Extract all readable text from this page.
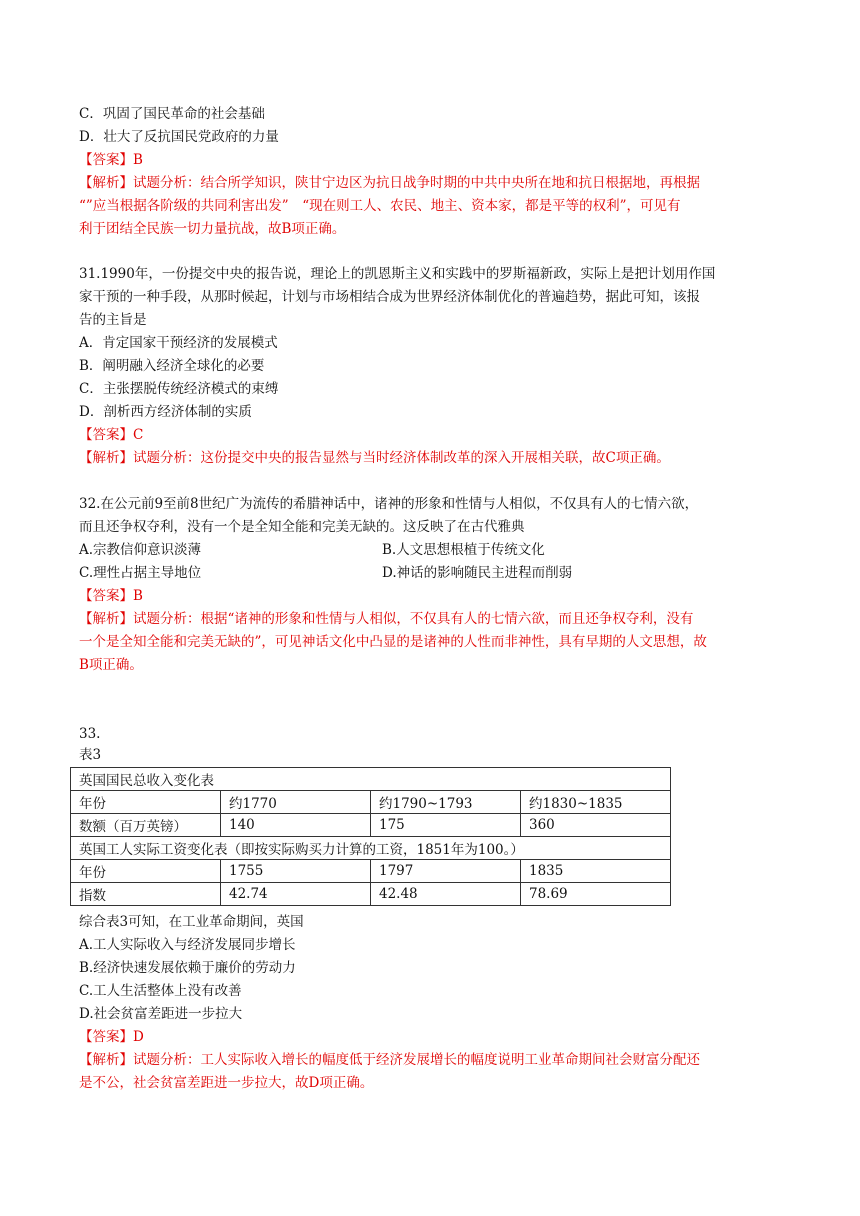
C．巩固了国民革命的社会基础
D．壮大了反抗国民党政府的力量
【答案】B
【解析】试题分析：结合所学知识，陕甘宁边区为抗日战争时期的中共中央所在地和抗日根据地，再根据
“”应当根据各阶级的共同利害出发”　“现在则工人、农民、地主、资本家，都是平等的权利”，可见有
利于团结全民族一切力量抗战，故B项正确。
31.1990年，一份提交中央的报告说，理论上的凯恩斯主义和实践中的罗斯福新政，实际上是把计划用作国
家干预的一种手段，从那时候起，计划与市场相结合成为世界经济体制优化的普遍趋势，据此可知，该报
告的主旨是
A．肯定国家干预经济的发展模式
B．阐明融入经济全球化的必要
C．主张摆脱传统经济模式的束缚
D．剖析西方经济体制的实质
【答案】C
【解析】试题分析：这份提交中央的报告显然与当时经济体制改革的深入开展相关联，故C项正确。
32.在公元前9至前8世纪广为流传的希腊神话中，诸神的形象和性情与人相似，不仅具有人的七情六欲，
而且还争权夺利，没有一个是全知全能和完美无缺的。这反映了在古代雅典
A.宗教信仰意识淡薄	B.人文思想根植于传统文化
C.理性占据主导地位	D.神话的影响随民主进程而削弱
【答案】B
【解析】试题分析：根据“诸神的形象和性情与人相似，不仅具有人的七情六欲，而且还争权夺利，没有
一个是全知全能和完美无缺的”，可见神话文化中凸显的是诸神的人性而非神性，具有早期的人文思想，故
B项正确。
33.
表3
英国国民总收入变化表			
年份	约1770	约1790~1793	约1830~1835
数额（百万英镑）	140	175	360
英国工人实际工资变化表（即按实际购买力计算的工资，1851年为100。）			
年份	1755	1797	1835
指数	42.74	42.48	78.69
综合表3可知，在工业革命期间，英国
A.工人实际收入与经济发展同步增长
B.经济快速发展依赖于廉价的劳动力
C.工人生活整体上没有改善
D.社会贫富差距进一步拉大
【答案】D
【解析】试题分析：工人实际收入增长的幅度低于经济发展增长的幅度说明工业革命期间社会财富分配还
是不公，社会贫富差距进一步拉大，故D项正确。
